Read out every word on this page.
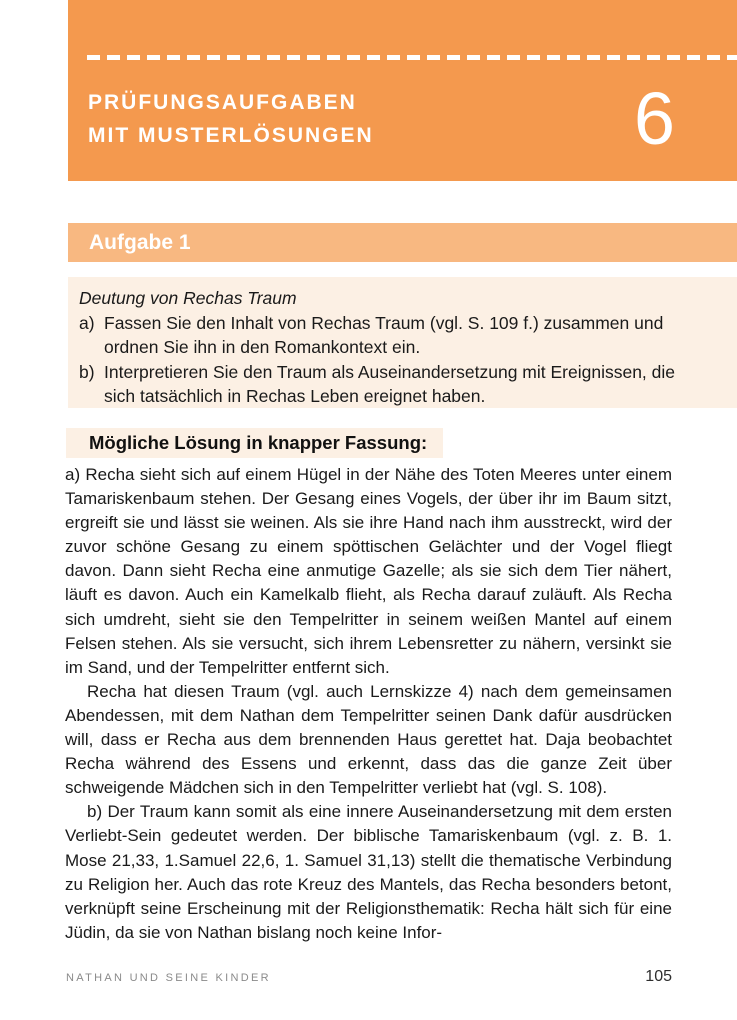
PRÜFUNGSAUFGABEN
MIT MUSTERLÖSUNGEN	6
Aufgabe 1

Deutung von Rechas Traum

a) Fassen Sie den Inhalt von Rechas Traum (vgl. S. 109 f.) zusammen und ordnen Sie ihn in den Romankontext ein.
b) Interpretieren Sie den Traum als Auseinandersetzung mit Ereignissen, die sich tatsächlich in Rechas Leben ereignet haben.
Mögliche Lösung in knapper Fassung:

a) Recha sieht sich auf einem Hügel in der Nähe des Toten Meeres unter einem Tamariskenbaum stehen. Der Gesang eines Vogels, der über ihr im Baum sitzt, ergreift sie und lässt sie weinen. Als sie ihre Hand nach ihm ausstreckt, wird der zuvor schöne Gesang zu einem spöttischen Gelächter und der Vogel fliegt davon. Dann sieht Recha eine anmutige Gazelle; als sie sich dem Tier nähert, läuft es davon. Auch ein Kamelkalb flieht, als Recha darauf zuläuft. Als Recha sich umdreht, sieht sie den Tempelritter in seinem weißen Mantel auf einem Felsen stehen. Als sie versucht, sich ihrem Lebensretter zu nähern, versinkt sie im Sand, und der Tempelritter entfernt sich.

Recha hat diesen Traum (vgl. auch Lernskizze 4) nach dem gemeinsamen Abendessen, mit dem Nathan dem Tempelritter seinen Dank dafür ausdrücken will, dass er Recha aus dem brennenden Haus gerettet hat. Daja beobachtet Recha während des Essens und erkennt, dass das die ganze Zeit über schweigende Mädchen sich in den Tempelritter verliebt hat (vgl. S. 108).

b) Der Traum kann somit als eine innere Auseinandersetzung mit dem ersten Verliebt-Sein gedeutet werden. Der biblische Tamariskenbaum (vgl. z. B. 1. Mose 21,33, 1.Samuel 22,6, 1. Samuel 31,13) stellt die thematische Verbindung zu Religion her. Auch das rote Kreuz des Mantels, das Recha besonders betont, verknüpft seine Erscheinung mit der Religionsthematik: Recha hält sich für eine Jüdin, da sie von Nathan bislang noch keine Infor-

NATHAN UND SEINE KINDER	105
